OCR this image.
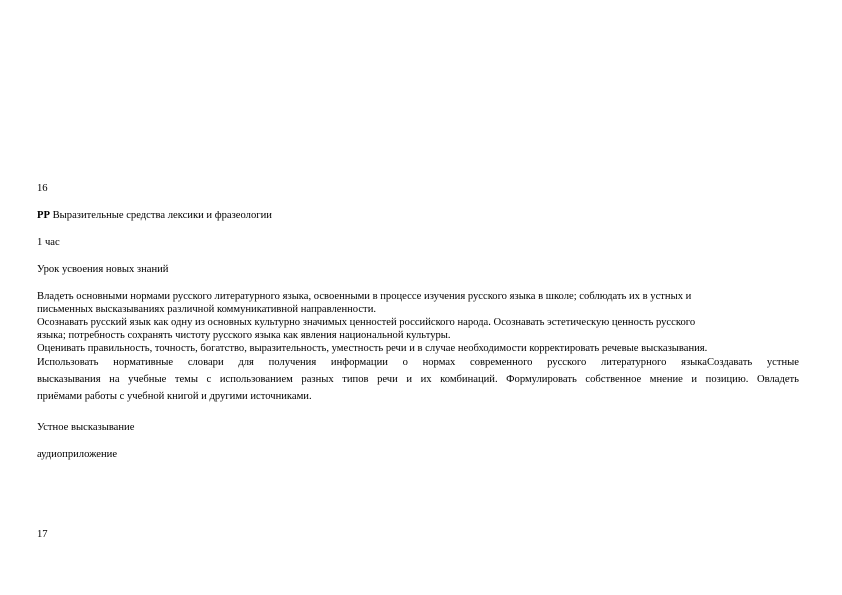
16

РР Выразительные средства лексики и фразеологии

1 час

Урок усвоения новых знаний

Владеть основными нормами русского литературного языка, освоенными в процессе изучения русского языка в школе; соблюдать их в устных и
письменных высказываниях различной коммуникативной направленности.
Осознавать русский язык как одну из основных культурно значимых ценностей российского народа. Осознавать эстетическую ценность русского
языка; потребность сохранять чистоту русского языка как явления национальной культуры.
Оценивать правильность, точность, богатство, выразительность, уместность речи и в случае необходимости корректировать речевые высказывания.
Использовать нормативные словари для получения информации о нормах современного русского литературного языкаСоздавать устные
высказывания на учебные темы с использованием разных типов речи и их комбинаций. Формулировать собственное мнение и позицию. Овладеть
приёмами работы с учебной книгой и другими источниками.

Устное высказывание

аудиоприложение

17
